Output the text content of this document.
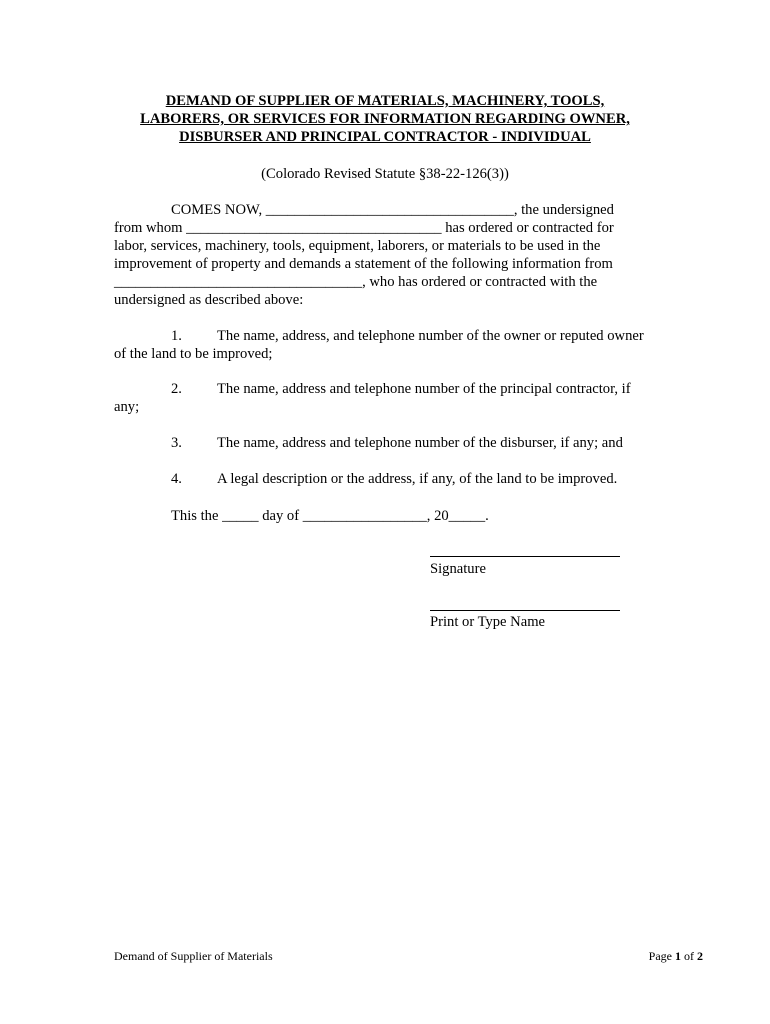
DEMAND OF SUPPLIER OF MATERIALS, MACHINERY, TOOLS,
LABORERS, OR SERVICES FOR INFORMATION REGARDING OWNER,
DISBURSER AND PRINCIPAL CONTRACTOR - INDIVIDUAL
(Colorado Revised Statute §38-22-126(3))
COMES NOW, __________________________________, the undersigned
from whom ___________________________________ has ordered or contracted for
labor, services, machinery, tools, equipment, laborers, or materials to be used in the
improvement of property and demands a statement of the following information from
__________________________________, who has ordered or contracted with the
undersigned as described above:
1. The name, address, and telephone number of the owner or reputed owner
of the land to be improved;
2. The name, address and telephone number of the principal contractor, if
any;
3. The name, address and telephone number of the disburser, if any; and
4. A legal description or the address, if any, of the land to be improved.
This the _____ day of _________________, 20_____.
Signature
Print or Type Name
Demand of Supplier of Materials	Page 1 of 2
